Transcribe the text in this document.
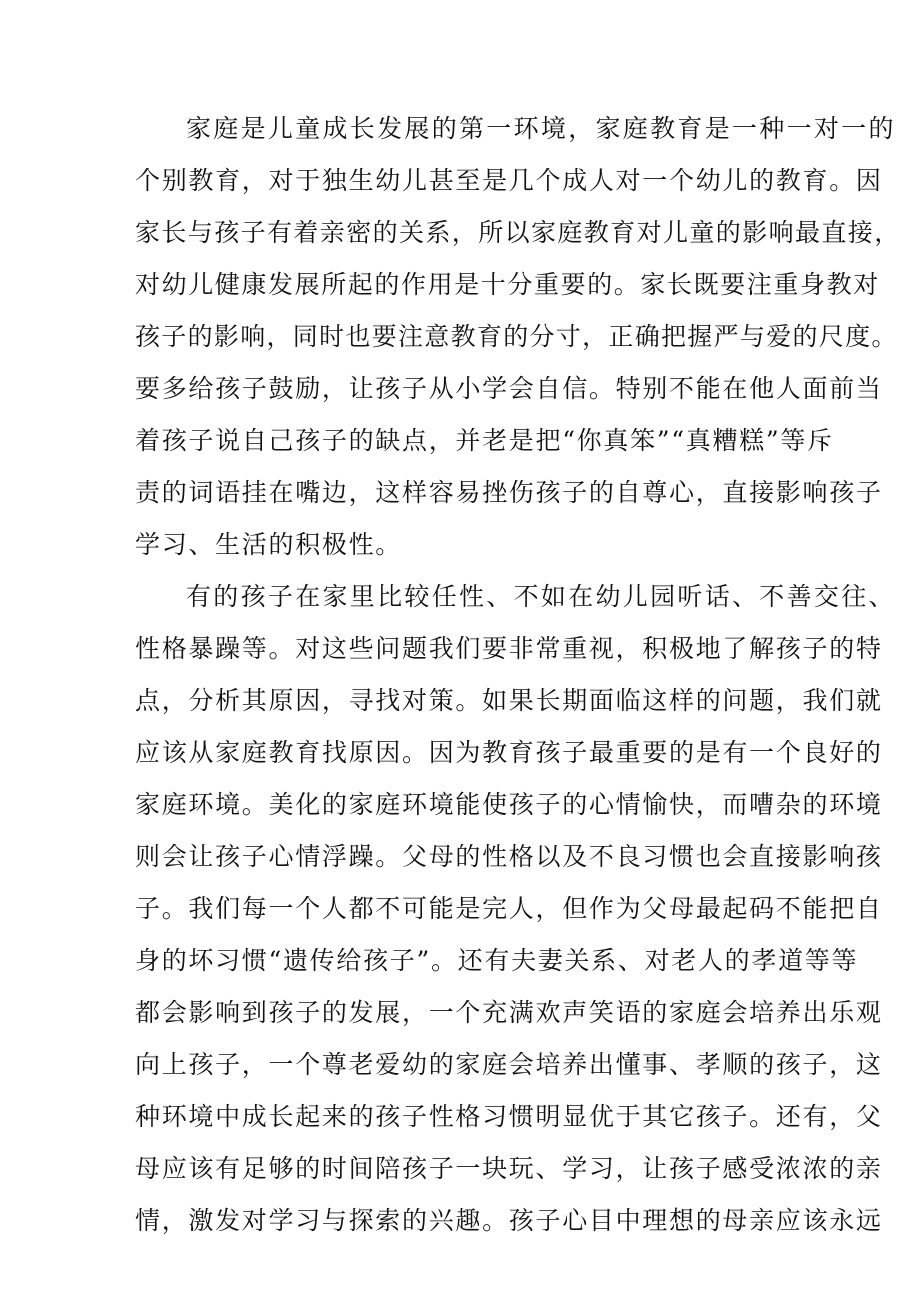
家庭是儿童成长发展的第一环境，家庭教育是一种一对一的
个别教育，对于独生幼儿甚至是几个成人对一个幼儿的教育。因
家长与孩子有着亲密的关系，所以家庭教育对儿童的影响最直接，
对幼儿健康发展所起的作用是十分重要的。家长既要注重身教对
孩子的影响，同时也要注意教育的分寸，正确把握严与爱的尺度。
要多给孩子鼓励，让孩子从小学会自信。特别不能在他人面前当
着孩子说自己孩子的缺点，并老是把“你真笨”“真糟糕”等斥
责的词语挂在嘴边，这样容易挫伤孩子的自尊心，直接影响孩子
学习、生活的积极性。
有的孩子在家里比较任性、不如在幼儿园听话、不善交往、
性格暴躁等。对这些问题我们要非常重视，积极地了解孩子的特
点，分析其原因，寻找对策。如果长期面临这样的问题，我们就
应该从家庭教育找原因。因为教育孩子最重要的是有一个良好的
家庭环境。美化的家庭环境能使孩子的心情愉快，而嘈杂的环境
则会让孩子心情浮躁。父母的性格以及不良习惯也会直接影响孩
子。我们每一个人都不可能是完人，但作为父母最起码不能把自
身的坏习惯“遗传给孩子”。还有夫妻关系、对老人的孝道等等
都会影响到孩子的发展，一个充满欢声笑语的家庭会培养出乐观
向上孩子，一个尊老爱幼的家庭会培养出懂事、孝顺的孩子，这
种环境中成长起来的孩子性格习惯明显优于其它孩子。还有，父
母应该有足够的时间陪孩子一块玩、学习，让孩子感受浓浓的亲
情，激发对学习与探索的兴趣。孩子心目中理想的母亲应该永远
